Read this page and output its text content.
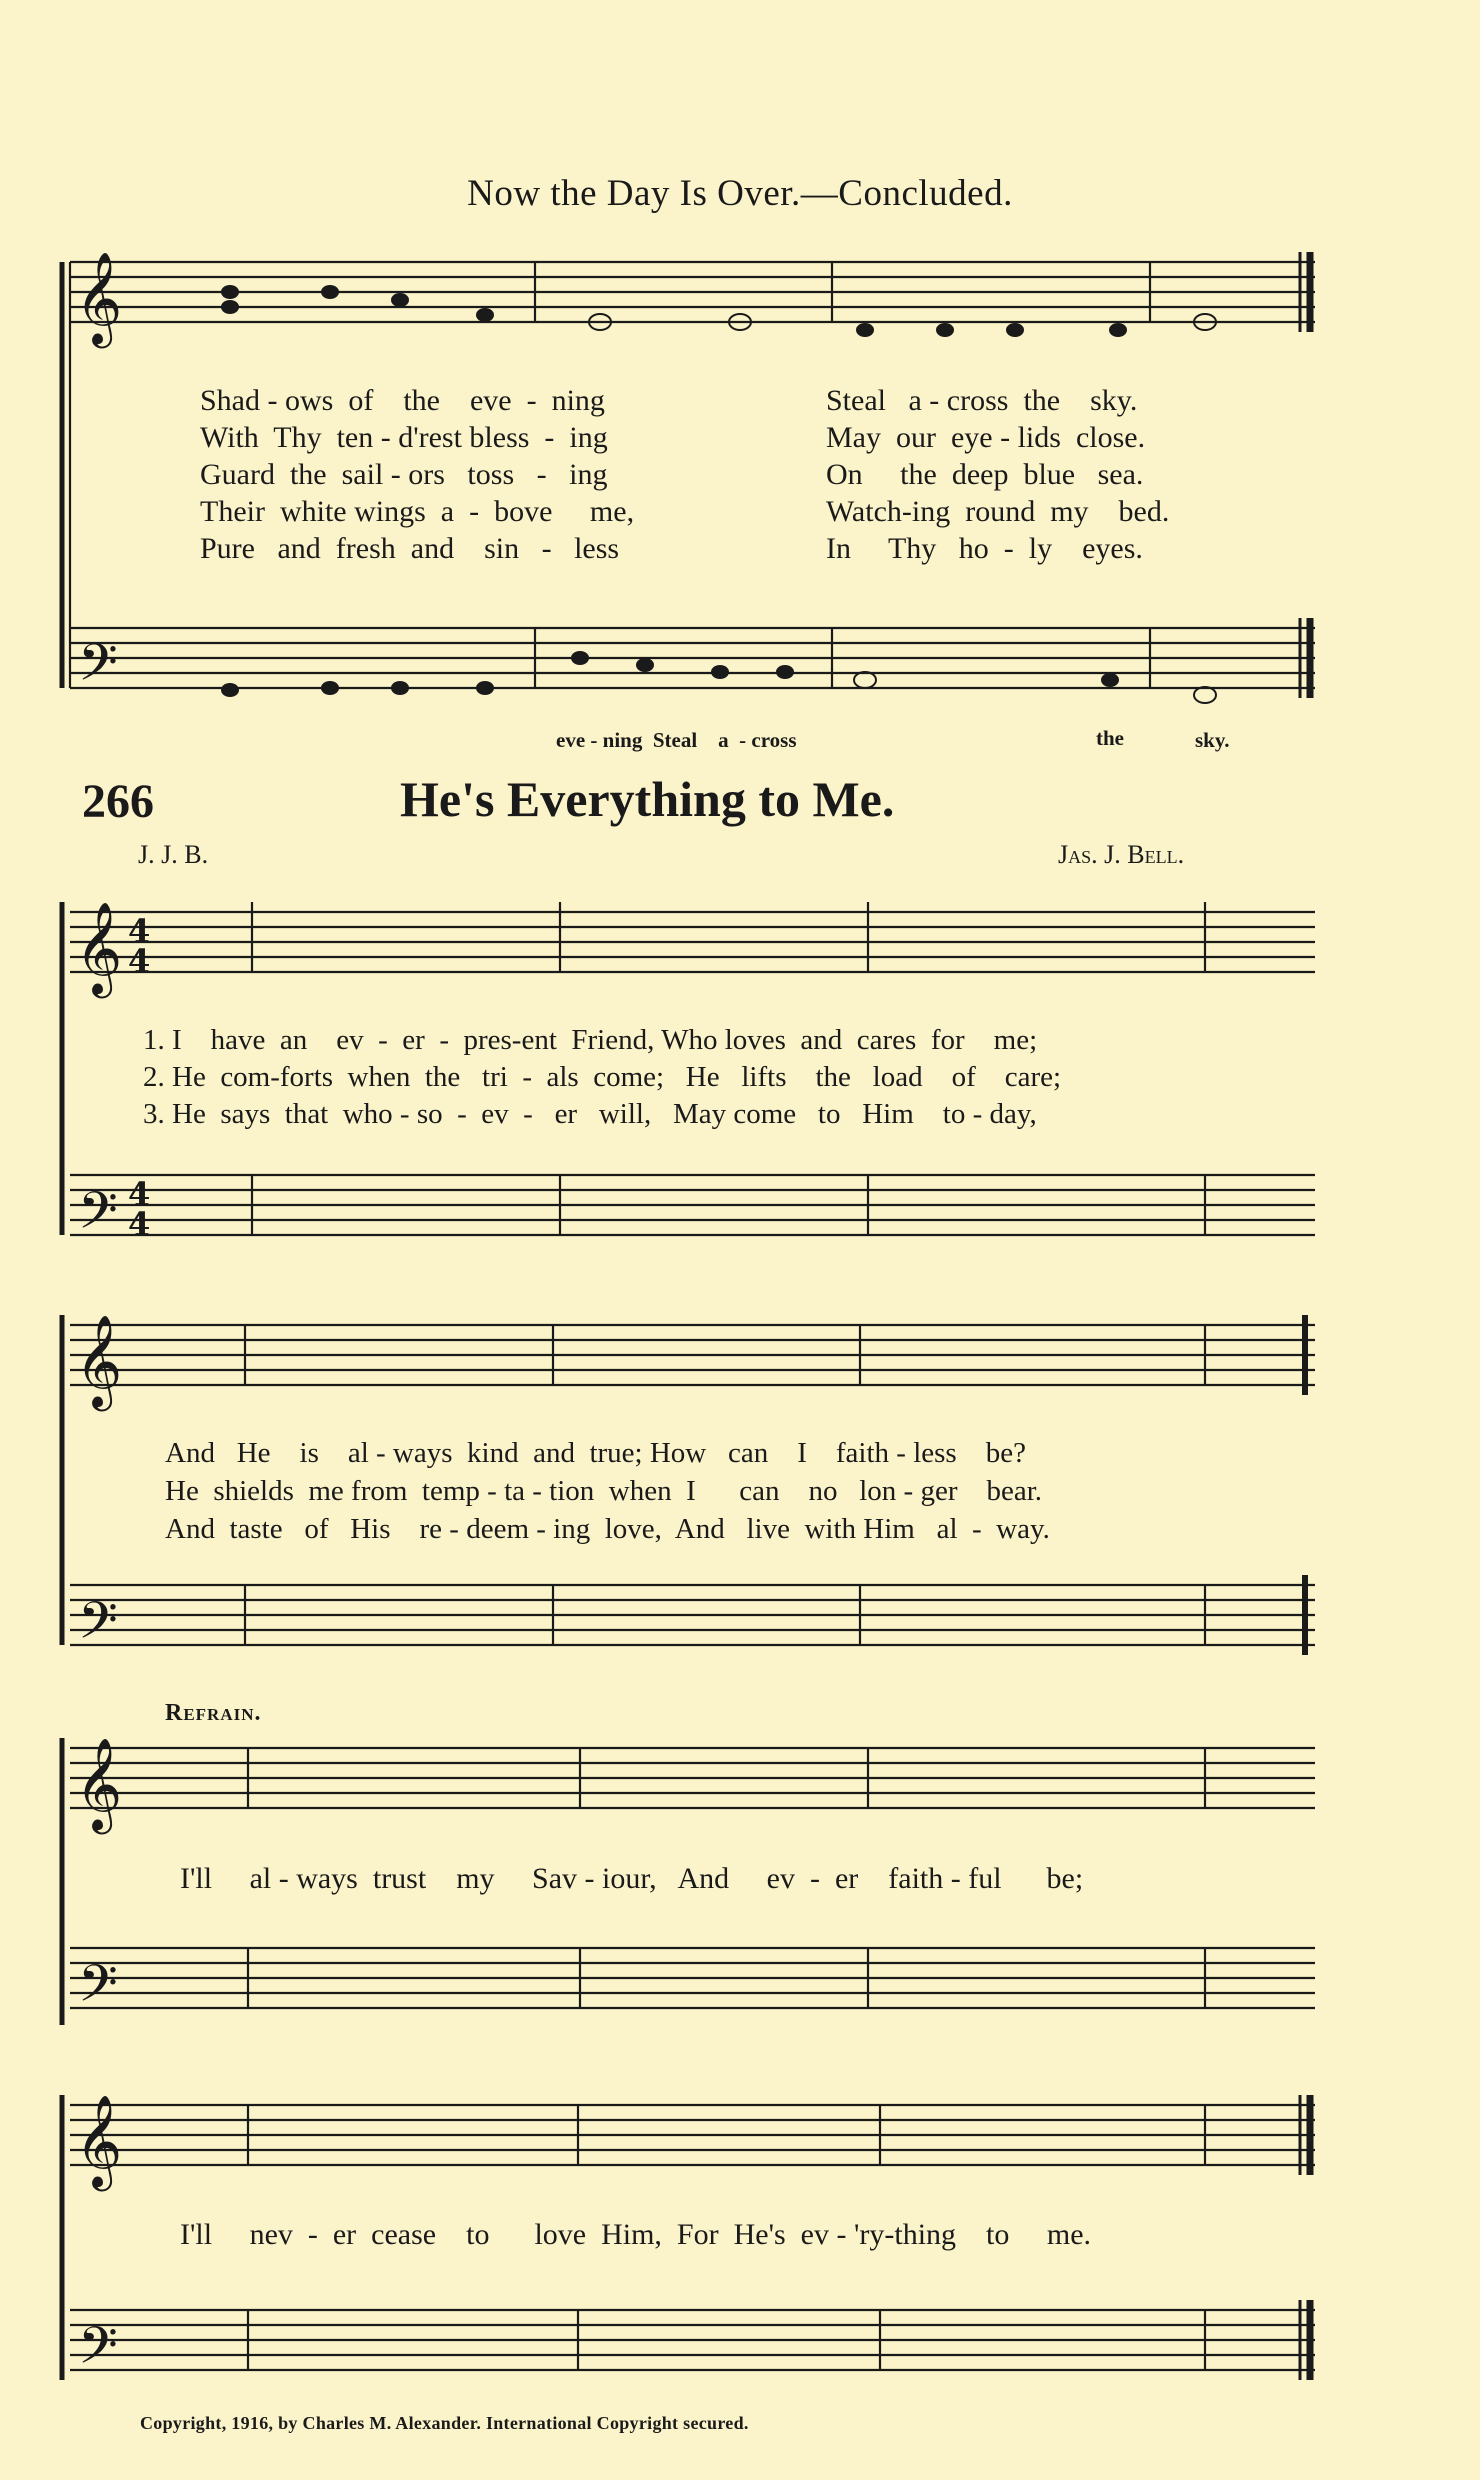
Now the Day Is Over.—Concluded.
𝄞
𝄢
𝄞
𝄢
𝄞
𝄢
𝄞
𝄢
𝄞
𝄢
4
4
4
4
Shad - ows  of    the    eve  -  ning
With  Thy  ten - d'rest bless  -  ing
Guard  the  sail - ors   toss   -   ing
Their  white wings  a  -  bove     me,
Pure   and  fresh  and    sin   -   less
Steal   a - cross  the    sky.
May  our  eye - lids  close.
On     the  deep  blue   sea.
Watch-ing  round  my    bed.
In     Thy   ho  -  ly    eyes.
eve - ning  Steal    a  - cross	the	sky.
266	He's Everything to Me.
J. J. B.	Jas. J. Bell.
1. I    have  an    ev  -  er  -  pres-ent  Friend, Who loves  and  cares  for    me;
2. He  com-forts  when  the   tri  -  als  come;   He   lifts    the   load    of    care;
3. He  says  that  who - so  -  ev  -   er   will,   May come   to   Him    to - day,
And   He    is    al - ways  kind  and  true; How   can    I    faith - less    be?
He  shields  me from  temp - ta - tion  when  I      can    no   lon - ger    bear.
And  taste   of   His    re - deem - ing  love,  And   live  with Him   al  -  way.
Refrain.
I'll     al - ways  trust    my     Sav - iour,   And     ev  -  er    faith - ful      be;
I'll     nev  -  er  cease    to      love  Him,  For  He's  ev - 'ry-thing    to     me.
Copyright, 1916, by Charles M. Alexander. International Copyright secured.
